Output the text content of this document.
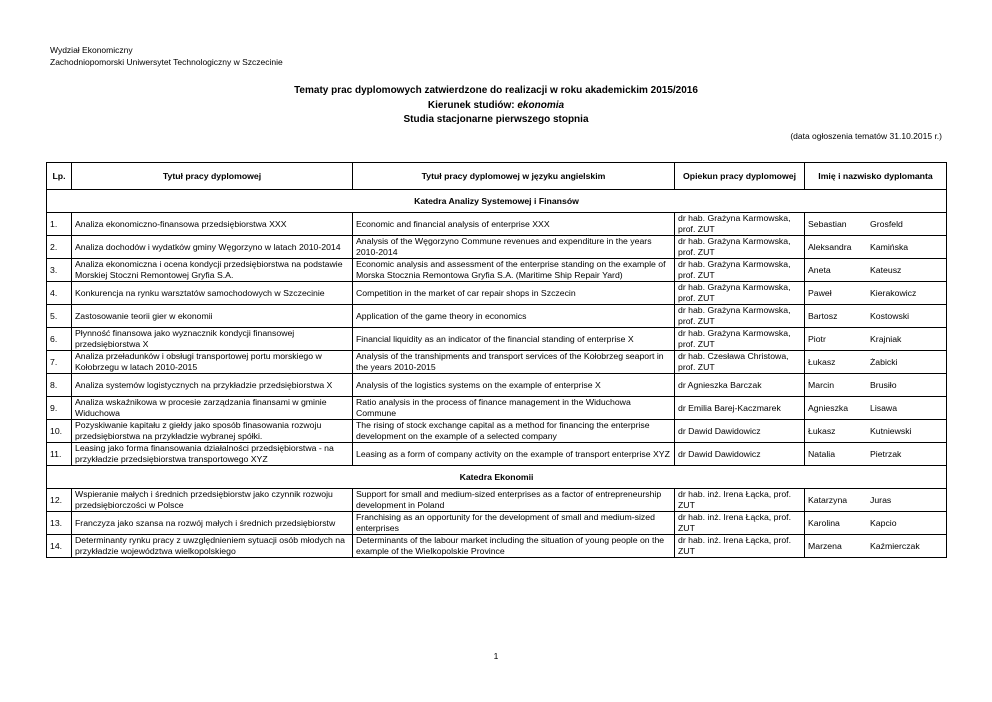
Wydział Ekonomiczny
Zachodniopomorski Uniwersytet Technologiczny w Szczecinie
Tematy prac dyplomowych zatwierdzone do realizacji w roku akademickim 2015/2016
Kierunek studiów: ekonomia
Studia stacjonarne pierwszego stopnia
(data ogłoszenia tematów 31.10.2015 r.)
Lp.	Tytuł pracy dyplomowej	Tytuł pracy dyplomowej w języku angielskim	Opiekun pracy dyplomowej	Imię i nazwisko dyplomanta
Katedra Analizy Systemowej i Finansów				
1.	Analiza ekonomiczno-finansowa przedsiębiorstwa XXX	Economic and financial analysis of enterprise XXX	dr hab. Grażyna Karmowska, prof. ZUT	Sebastian Grosfeld

2.	Analiza dochodów i wydatków gminy Węgorzyno w latach 2010-2014	Analysis of the Węgorzyno Commune revenues and expenditure in the years 2010-2014	dr hab. Grażyna Karmowska, prof. ZUT	Aleksandra Kamińska

3.	Analiza ekonomiczna i ocena kondycji przedsiębiorstwa na podstawie Morskiej Stoczni Remontowej Gryfia S.A.	Economic analysis and assessment of the enterprise standing on the example of Morska Stocznia Remontowa Gryfia S.A. (Maritime Ship Repair Yard)	dr hab. Grażyna Karmowska, prof. ZUT	Aneta Kateusz

4.	Konkurencja na rynku warsztatów samochodowych w Szczecinie	Competition in the market of car repair shops in Szczecin	dr hab. Grażyna Karmowska, prof. ZUT	Paweł Kierakowicz

5.	Zastosowanie teorii gier w ekonomii	Application of the game theory in economics	dr hab. Grażyna Karmowska, prof. ZUT	Bartosz Kostowski

6.	Płynność finansowa jako wyznacznik kondycji finansowej przedsiębiorstwa X	Financial liquidity as an indicator of the financial standing of enterprise X	dr hab. Grażyna Karmowska, prof. ZUT	Piotr Krajniak

7.	Analiza przeładunków i obsługi transportowej portu morskiego w Kołobrzegu w latach 2010-2015	Analysis of the transhipments and transport services of the Kołobrzeg seaport in the years 2010-2015	dr hab. Czesława Christowa, prof. ZUT	Łukasz Żabicki

8.	Analiza systemów logistycznych na przykładzie przedsiębiorstwa X	Analysis of the logistics systems on the example of enterprise X	dr Agnieszka Barczak	Marcin Brusiło

9.	Analiza wskaźnikowa w procesie zarządzania finansami w gminie Widuchowa	Ratio analysis in the process of finance management in the Widuchowa Commune	dr Emilia Barej-Kaczmarek	Agnieszka Lisawa

10.	Pozyskiwanie kapitału z giełdy jako sposób finasowania rozwoju przedsiębiorstwa na przykładzie wybranej spółki.	The rising of stock exchange capital as a method for financing the enterprise development on the example of a selected company	dr Dawid Dawidowicz	Łukasz Kutniewski

11.	Leasing jako forma finansowania działalności przedsiębiorstwa - na przykładzie przedsiębiorstwa transportowego XYZ	Leasing as a form of company activity on the example of transport enterprise XYZ	dr Dawid Dawidowicz	Natalia Pietrzak

Katedra Ekonomii				
12.	Wspieranie małych i średnich przedsiębiorstw jako czynnik rozwoju przedsiębiorczości w Polsce	Support for small and medium-sized enterprises as a factor of entrepreneurship development in Poland	dr hab. inż. Irena Łącka, prof. ZUT	Katarzyna Juras

13.	Franczyza jako szansa na rozwój małych i średnich przedsiębiorstw	Franchising as an opportunity for the development of small and medium-sized enterprises	dr hab. inż. Irena Łącka, prof. ZUT	Karolina Kapcio

14.	Determinanty rynku pracy z uwzględnieniem sytuacji osób młodych na przykładzie województwa wielkopolskiego	Determinants of the labour market including the situation of young people on the example of the Wielkopolskie Province	dr hab. inż. Irena Łącka, prof. ZUT	Marzena Kaźmierczak
1
